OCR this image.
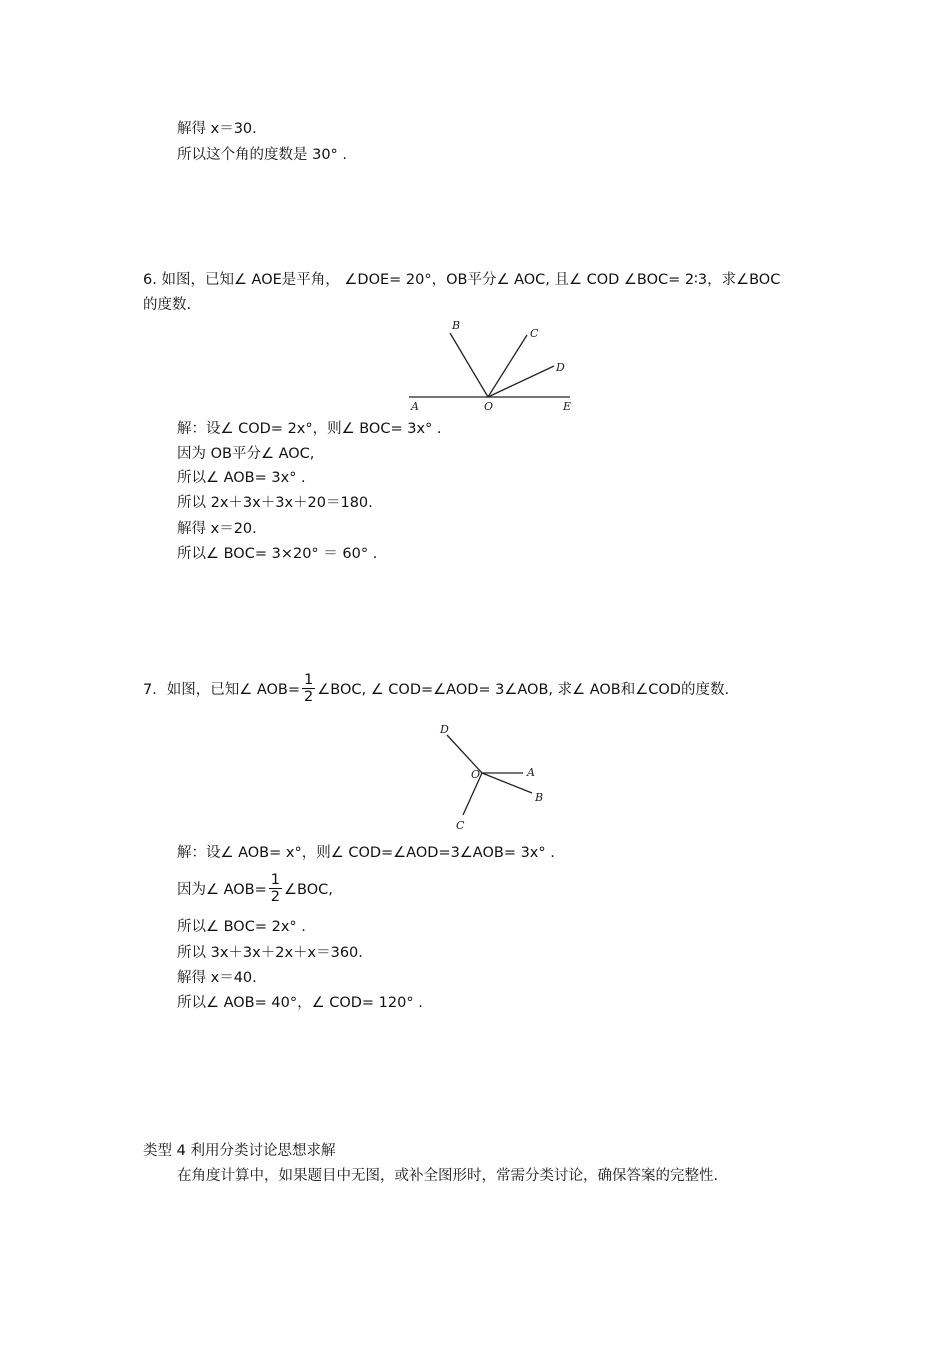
解得 x＝30.
所以这个角的度数是 30° .
6. 如图，已知∠ AOE是平角， ∠DOE= 20°，OB平分∠ AOC, 且∠ COD ∠BOC= 2∶3，求∠BOC
的度数.
B
C
D
A	O	E
解：设∠ COD= 2x°，则∠ BOC= 3x° .
因为 OB平分∠ AOC,
所以∠ AOB= 3x° .
所以 2x＋3x＋3x＋20＝180.
解得 x＝20.
所以∠ BOC= 3×20° ＝ 60° .
7．如图，已知∠ $AOB= \frac{1}{2}$ ∠BOC, ∠ COD=∠AOD= 3∠AOB, 求∠ AOB和∠COD的度数.
D
O	A
B
C
解：设∠ AOB= x°，则∠ COD=∠AOD=3∠AOB= 3x° .
因为∠ $AOB= \frac{1}{2}$ ∠BOC,
所以∠ BOC= 2x° .
所以 3x＋3x＋2x＋x＝360.
解得 x＝40.
所以∠ AOB= 40°，∠ COD= 120° .
类型 4 利用分类讨论思想求解
在角度计算中，如果题目中无图，或补全图形时，常需分类讨论，确保答案的完整性.
